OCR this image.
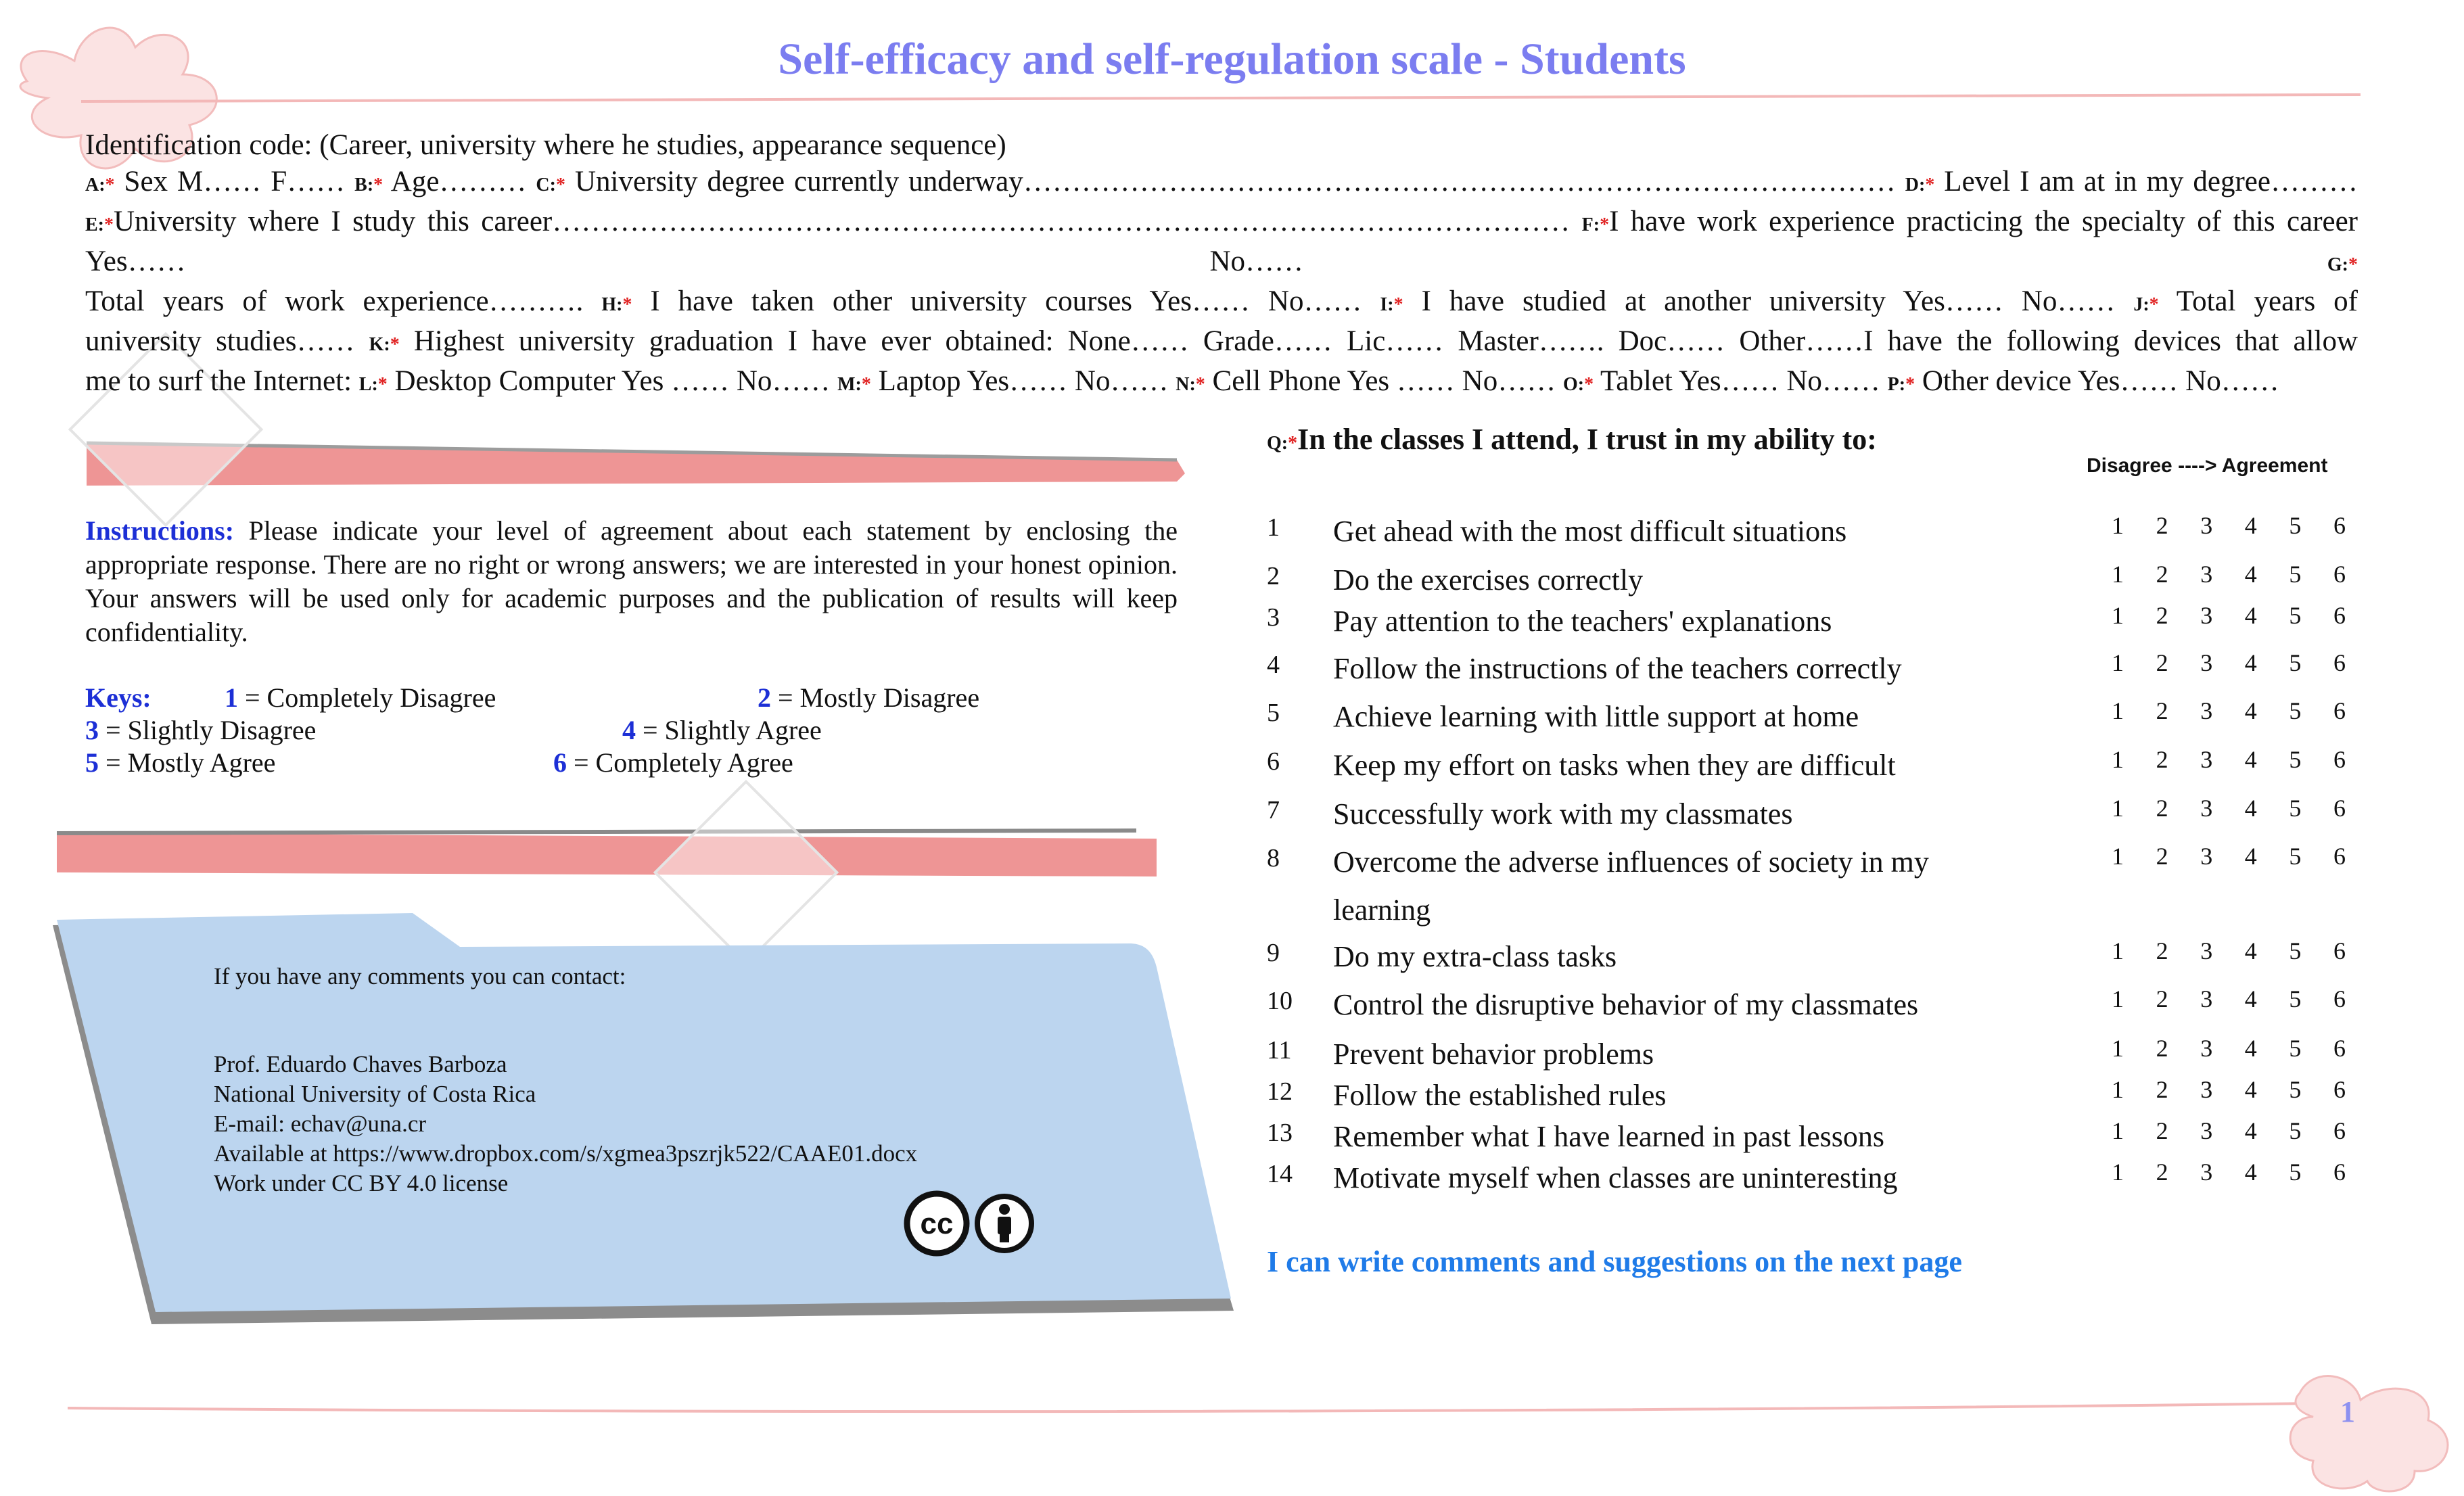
Self-efficacy and self-regulation scale - Students
Identification code: (Career, university where he studies, appearance sequence)
A:* Sex M…… F…… B:* Age……… C:* University degree currently underway……………………………………………………………………………… D:* Level I am at in my degree………
E:*University where I study this career…………………………………………………………………………………………… F:*I have work experience practicing the specialty of this career Yes…… No…… G:*
Total years of work experience………. H:* I have taken other university courses Yes…… No…… I:* I have studied at another university Yes…… No…… J:* Total years of
university studies…… K:* Highest university graduation I have ever obtained: None…… Grade…… Lic…… Master……. Doc…… Other……I have the following devices that allow
me to surf the Internet: L:* Desktop Computer Yes …… No…… M:* Laptop Yes…… No…… N:* Cell Phone Yes …… No…… O:* Tablet Yes…… No…… P:* Other device Yes…… No……
Instructions: Please indicate your level of agreement about each statement by enclosing the appropriate response. There are no right or wrong answers; we are interested in your honest opinion. Your answers will be used only for academic purposes and the publication of results will keep confidentiality.
Keys:	1 = Completely Disagree	2 = Mostly Disagree
3 = Slightly Disagree	4 = Slightly Agree
5 = Mostly Agree	6 = Completely Agree
If you have any comments you can contact:
Prof. Eduardo Chaves Barboza
National University of Costa Rica
E-mail: echav@una.cr
Available at https://www.dropbox.com/s/xgmea3pszrjk522/CAAE01.docx
Work under CC BY 4.0 license
cc
Q:*In the classes I attend, I trust in my ability to:
Disagree ----> Agreement
1 Get ahead with the most difficult situations	1 2 3 4 5 6
2 Do the exercises correctly	1 2 3 4 5 6
3 Pay attention to the teachers' explanations	1 2 3 4 5 6
4 Follow the instructions of the teachers correctly	1 2 3 4 5 6
5 Achieve learning with little support at home	1 2 3 4 5 6
6 Keep my effort on tasks when they are difficult	1 2 3 4 5 6
7 Successfully work with my classmates	1 2 3 4 5 6
8 Overcome the adverse influences of society in my
learning
1 2 3 4 5 6
9 Do my extra-class tasks	1 2 3 4 5 6
10 Control the disruptive behavior of my classmates	1 2 3 4 5 6
11 Prevent behavior problems	1 2 3 4 5 6
12 Follow the established rules	1 2 3 4 5 6
13 Remember what I have learned in past lessons	1 2 3 4 5 6
14 Motivate myself when classes are uninteresting	1 2 3 4 5 6
I can write comments and suggestions on the next page
1
